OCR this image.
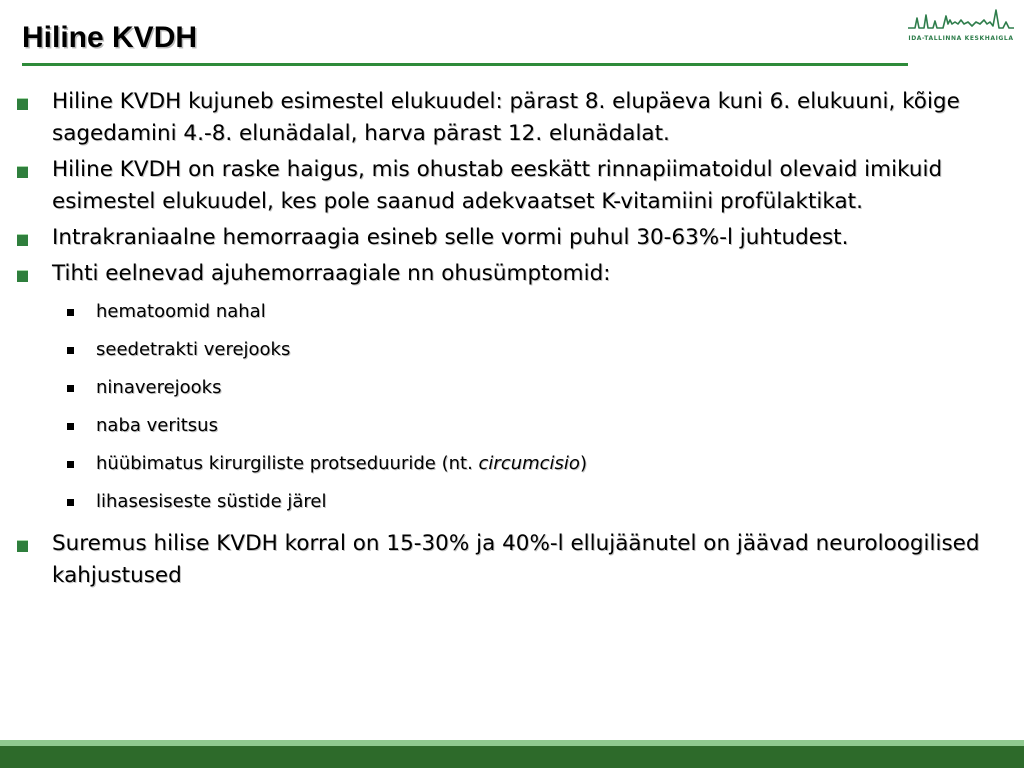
Hiline KVDH	IDA-TALLINNA KESKHAIGLA
Hiline KVDH kujuneb esimestel elukuudel: pärast 8. elupäeva kuni 6. elukuuni, kõige sagedamini 4.-8. elunädalal, harva pärast 12. elunädalat.
Hiline KVDH on raske haigus, mis ohustab eeskätt rinnapiimatoidul olevaid imikuid esimestel elukuudel, kes pole saanud adekvaatset K-vitamiini profülaktikat.
Intrakraniaalne hemorraagia esineb selle vormi puhul 30-63%-l juhtudest.
Tihti eelnevad ajuhemorraagiale nn ohusümptomid:
hematoomid nahal
seedetrakti verejooks
ninaverejooks
naba veritsus
hüübimatus kirurgiliste protseduuride (nt. circumcisio)
lihasesiseste süstide järel
Suremus hilise KVDH korral on 15-30% ja 40%-l ellujäänutel on jäävad neuroloogilised kahjustused
